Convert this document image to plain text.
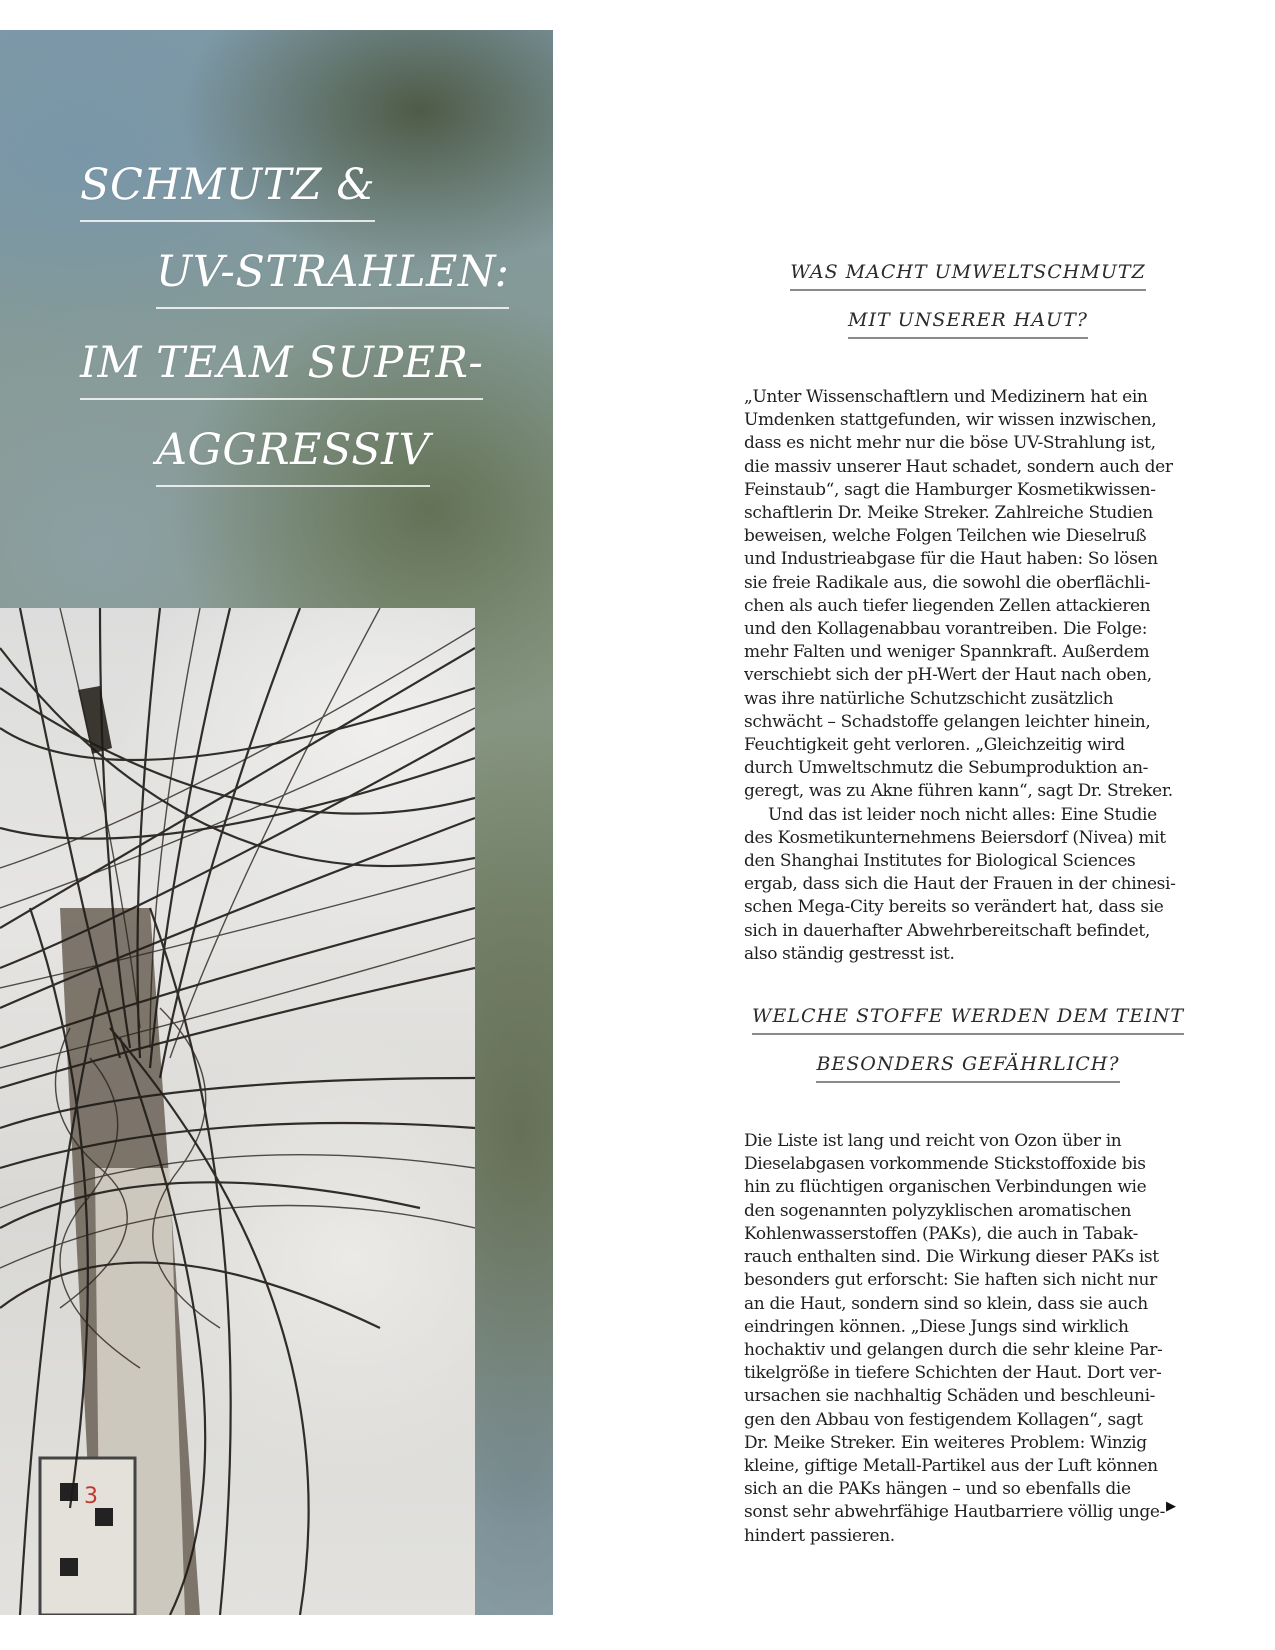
3
SCHMUTZ &
UV-STRAHLEN:
IM TEAM SUPER-
AGGRESSIV
WAS MACHT UMWELTSCHMUTZ
MIT UNSERER HAUT?

„Unter Wissenschaftlern und Medizinern hat ein
Umdenken stattgefunden, wir wissen inzwischen,
dass es nicht mehr nur die böse UV-Strahlung ist,
die massiv unserer Haut schadet, sondern auch der
Feinstaub“, sagt die Hamburger Kosmetikwissen-
schaftlerin Dr. Meike Streker. Zahlreiche Studien
beweisen, welche Folgen Teilchen wie Dieselruß
und Industrieabgase für die Haut haben: So lösen
sie freie Radikale aus, die sowohl die oberflächli-
chen als auch tiefer liegenden Zellen attackieren
und den Kollagenabbau vorantreiben. Die Folge:
mehr Falten und weniger Spannkraft. Außerdem
verschiebt sich der pH-Wert der Haut nach oben,
was ihre natürliche Schutzschicht zusätzlich
schwächt – Schadstoffe gelangen leichter hinein,
Feuchtigkeit geht verloren. „Gleichzeitig wird
durch Umweltschmutz die Sebumproduktion an-
geregt, was zu Akne führen kann“, sagt Dr. Streker.

Und das ist leider noch nicht alles: Eine Studie
des Kosmetikunternehmens Beiersdorf (Nivea) mit
den Shanghai Institutes for Biological Sciences
ergab, dass sich die Haut der Frauen in der chinesi-
schen Mega-City bereits so verändert hat, dass sie
sich in dauerhafter Abwehrbereitschaft befindet,
also ständig gestresst ist.

WELCHE STOFFE WERDEN DEM TEINT
BESONDERS GEFÄHRLICH?

Die Liste ist lang und reicht von Ozon über in
Dieselabgasen vorkommende Stickstoffoxide bis
hin zu flüchtigen organischen Verbindungen wie
den sogenannten polyzyklischen aromatischen
Kohlenwasserstoffen (PAKs), die auch in Tabak-
rauch enthalten sind. Die Wirkung dieser PAKs ist
besonders gut erforscht: Sie haften sich nicht nur
an die Haut, sondern sind so klein, dass sie auch
eindringen können. „Diese Jungs sind wirklich
hochaktiv und gelangen durch die sehr kleine Par-
tikelgröße in tiefere Schichten der Haut. Dort ver-
ursachen sie nachhaltig Schäden und beschleuni-
gen den Abbau von festigendem Kollagen“, sagt
Dr. Meike Streker. Ein weiteres Problem: Winzig
kleine, giftige Metall-Partikel aus der Luft können
sich an die PAKs hängen – und so ebenfalls die
sonst sehr abwehrfähige Hautbarriere völlig unge-
hindert passieren.

▶
